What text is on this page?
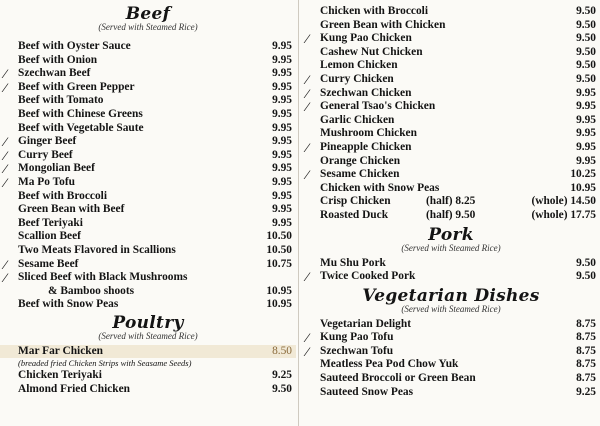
Beef
(Served with Steamed Rice)
Beef with Oyster Sauce	9.95
Beef with Onion	9.95
⁄ Szechwan Beef	9.95
⁄ Beef with Green Pepper	9.95
Beef with Tomato	9.95
Beef with Chinese Greens	9.95
Beef with Vegetable Saute	9.95
⁄ Ginger Beef	9.95
⁄ Curry Beef	9.95
⁄ Mongolian Beef	9.95
⁄ Ma Po Tofu	9.95
Beef with Broccoli	9.95
Green Bean with Beef	9.95
Beef Teriyaki	9.95
Scallion Beef	10.50
Two Meats Flavored in Scallions	10.50
⁄ Sesame Beef	10.75
⁄ Sliced Beef with Black Mushrooms
& Bamboo shoots	10.95
Beef with Snow Peas	10.95
Poultry
(Served with Steamed Rice)
Mar Far Chicken	8.50
(breaded fried Chicken Strips with Seasame Seeds)
Chicken Teriyaki	9.25
Almond Fried Chicken	9.50
Chicken with Broccoli	9.50
Green Bean with Chicken	9.50
⁄ Kung Pao Chicken	9.50
Cashew Nut Chicken	9.50
Lemon Chicken	9.50
⁄ Curry Chicken	9.50
⁄ Szechwan Chicken	9.95
⁄ General Tsao's Chicken	9.95
Garlic Chicken	9.95
Mushroom Chicken	9.95
⁄ Pineapple Chicken	9.95
Orange Chicken	9.95
⁄ Sesame Chicken	10.25
Chicken with Snow Peas	10.95
Crisp Chicken	(half) 8.25	(whole) 14.50
Roasted Duck	(half) 9.50	(whole) 17.75
Pork
(Served with Steamed Rice)
Mu Shu Pork	9.50
⁄ Twice Cooked Pork	9.50
Vegetarian Dishes
(Served with Steamed Rice)
Vegetarian Delight	8.75
⁄ Kung Pao Tofu	8.75
⁄ Szechwan Tofu	8.75
Meatless Pea Pod Chow Yuk	8.75
Sauteed Broccoli or Green Bean	8.75
Sauteed Snow Peas	9.25
